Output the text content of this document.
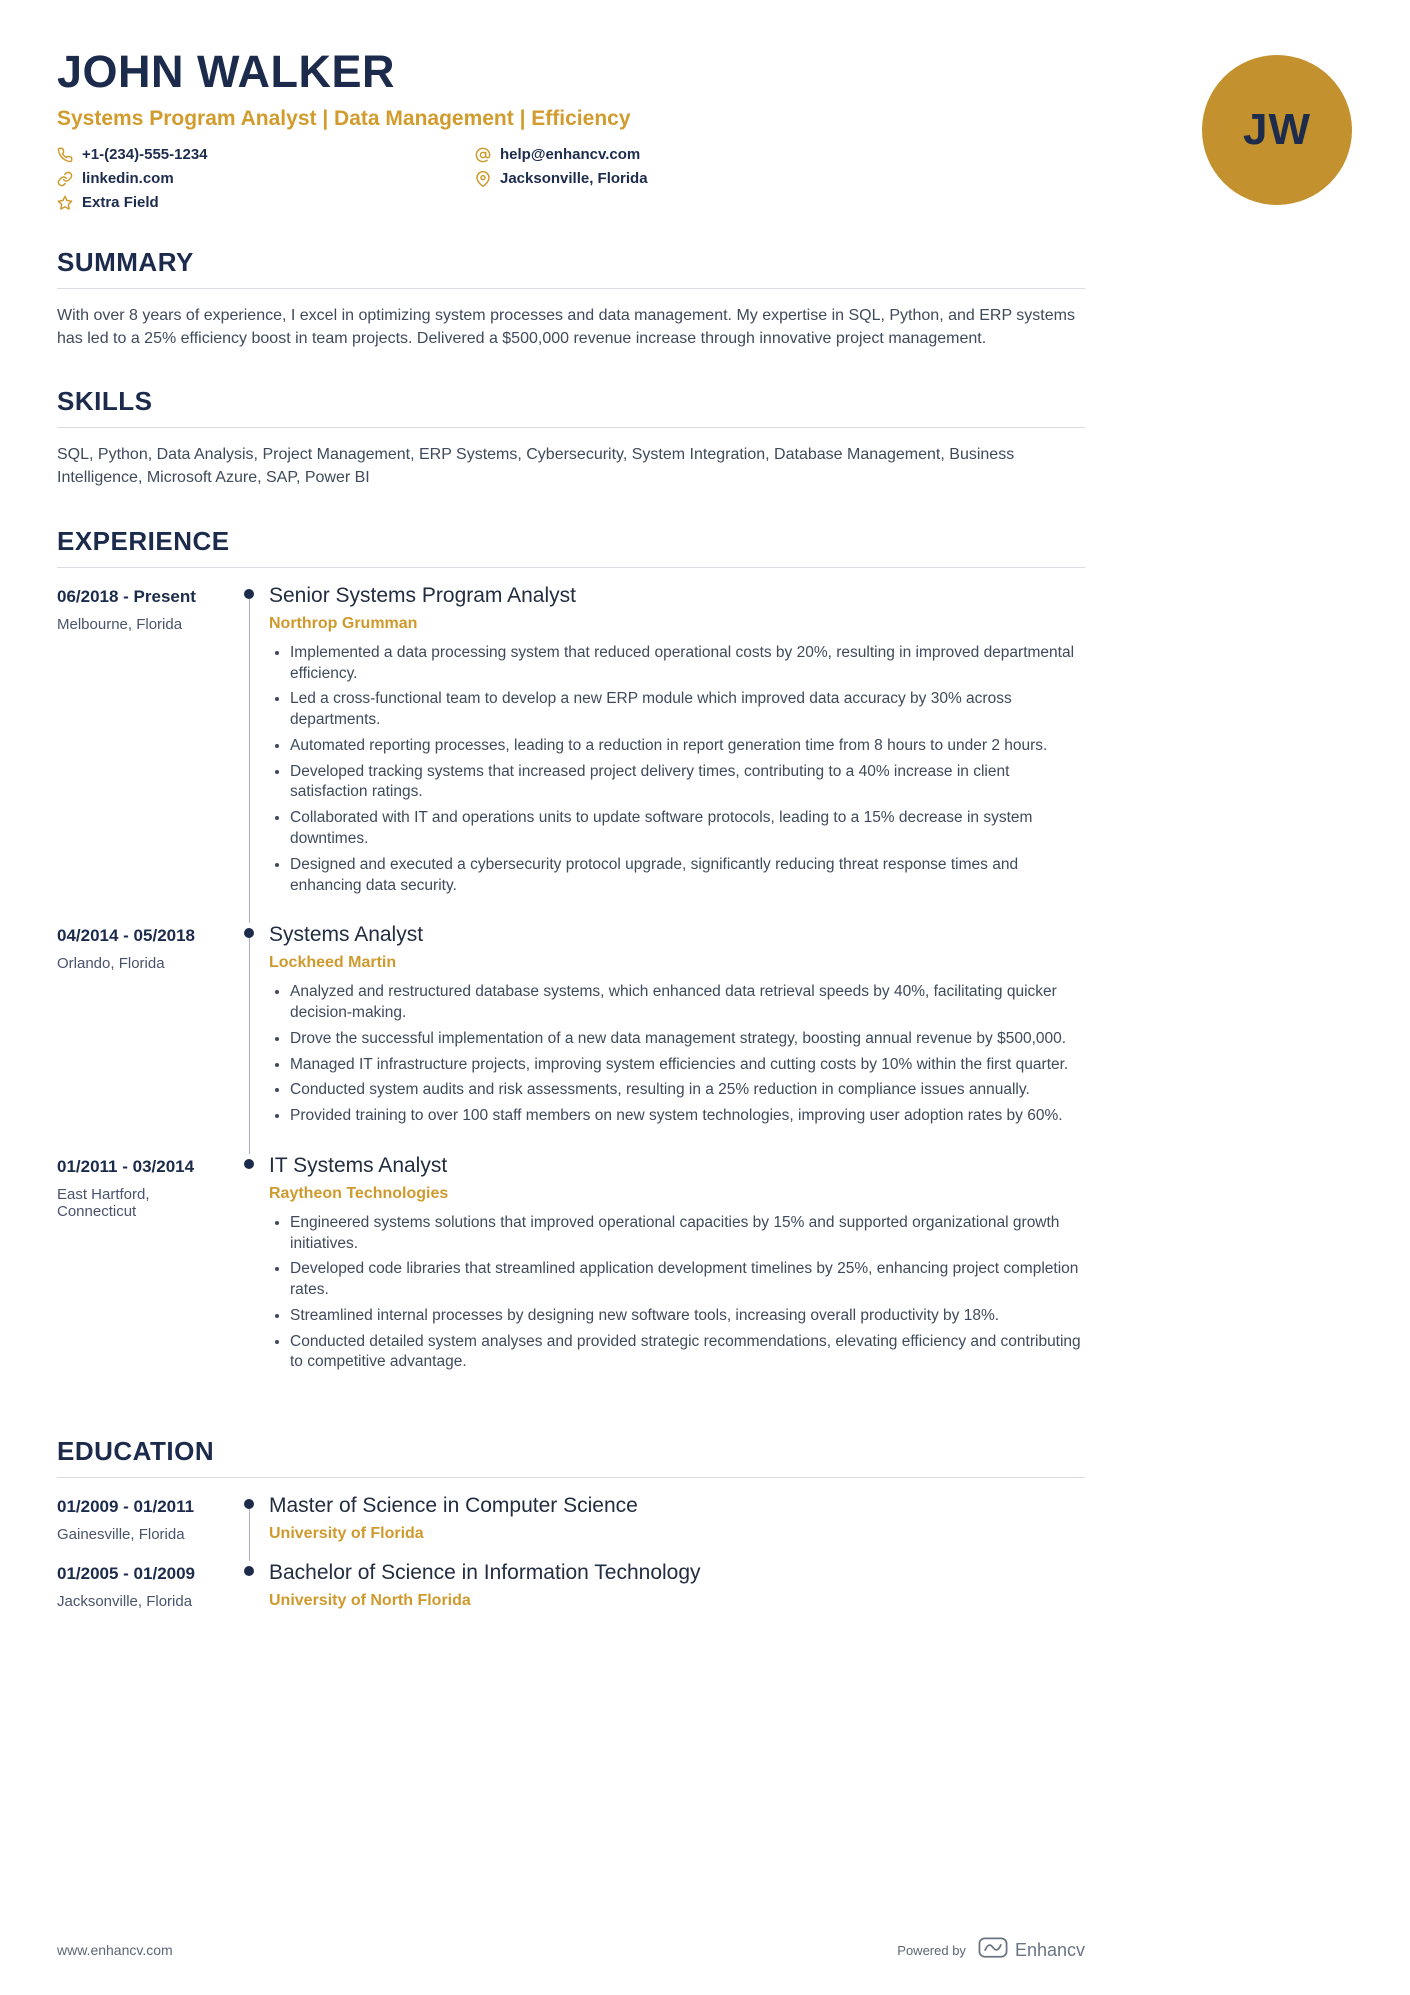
JW
JOHN WALKER
Systems Program Analyst | Data Management | Efficiency
+1-(234)-555-1234	help@enhancv.com
linkedin.com	Jacksonville, Florida
Extra Field
SUMMARY

With over 8 years of experience, I excel in optimizing system processes and data management. My expertise in SQL, Python, and ERP systems has led to a 25% efficiency boost in team projects. Delivered a $500,000 revenue increase through innovative project management.

SKILLS

SQL, Python, Data Analysis, Project Management, ERP Systems, Cybersecurity, System Integration, Database Management, Business Intelligence, Microsoft Azure, SAP, Power BI

EXPERIENCE
06/2018 - Present
Melbourne, Florida
Senior Systems Program Analyst
Northrop Grumman
• Implemented a data processing system that reduced operational costs by 20%, resulting in improved departmental efficiency.
• Led a cross-functional team to develop a new ERP module which improved data accuracy by 30% across departments.
• Automated reporting processes, leading to a reduction in report generation time from 8 hours to under 2 hours.
• Developed tracking systems that increased project delivery times, contributing to a 40% increase in client satisfaction ratings.
• Collaborated with IT and operations units to update software protocols, leading to a 15% decrease in system downtimes.
• Designed and executed a cybersecurity protocol upgrade, significantly reducing threat response times and enhancing data security.
04/2014 - 05/2018
Orlando, Florida
Systems Analyst
Lockheed Martin
• Analyzed and restructured database systems, which enhanced data retrieval speeds by 40%, facilitating quicker decision-making.
• Drove the successful implementation of a new data management strategy, boosting annual revenue by $500,000.
• Managed IT infrastructure projects, improving system efficiencies and cutting costs by 10% within the first quarter.
• Conducted system audits and risk assessments, resulting in a 25% reduction in compliance issues annually.
• Provided training to over 100 staff members on new system technologies, improving user adoption rates by 60%.
01/2011 - 03/2014
East Hartford, Connecticut
IT Systems Analyst
Raytheon Technologies
• Engineered systems solutions that improved operational capacities by 15% and supported organizational growth initiatives.
• Developed code libraries that streamlined application development timelines by 25%, enhancing project completion rates.
• Streamlined internal processes by designing new software tools, increasing overall productivity by 18%.
• Conducted detailed system analyses and provided strategic recommendations, elevating efficiency and contributing to competitive advantage.
EDUCATION
01/2009 - 01/2011
Gainesville, Florida
Master of Science in Computer Science
University of Florida
01/2005 - 01/2009
Jacksonville, Florida
Bachelor of Science in Information Technology
University of North Florida
www.enhancv.com	Powered by	Enhancv
